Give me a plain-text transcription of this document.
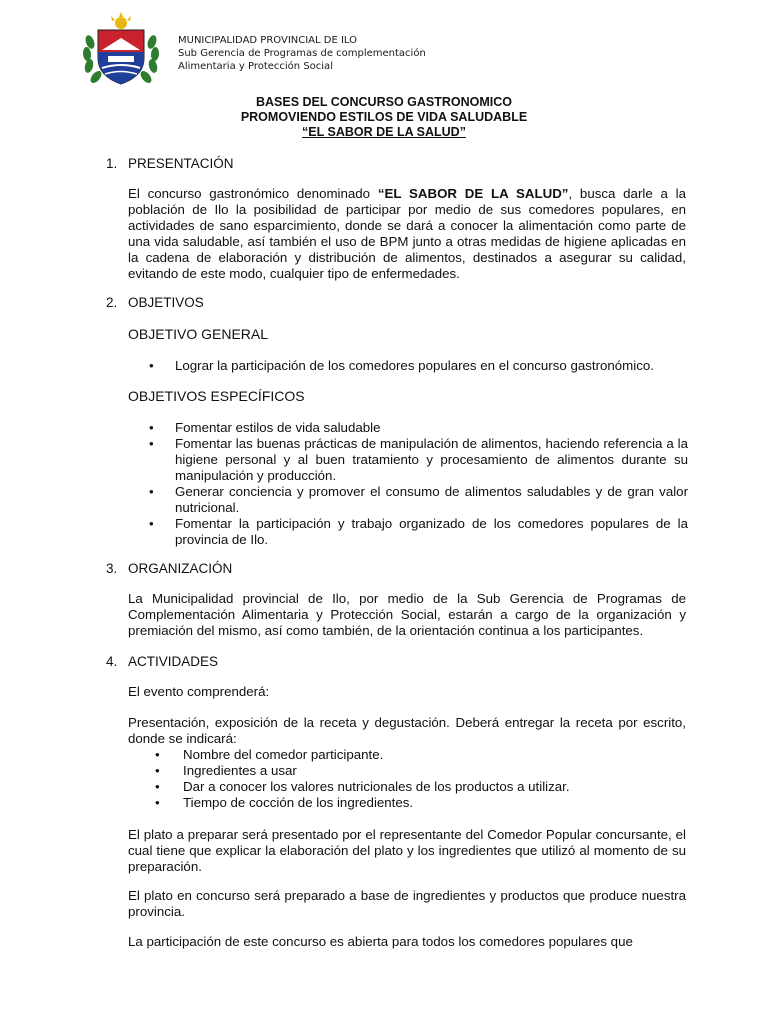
MUNICIPALIDAD PROVINCIAL DE ILO
Sub Gerencia de Programas de complementación
Alimentaria y Protección Social
BASES DEL CONCURSO GASTRONOMICO
PROMOVIENDO ESTILOS DE VIDA SALUDABLE
“EL SABOR DE LA SALUD”
1. PRESENTACIÓN
El concurso gastronómico denominado “EL SABOR DE LA SALUD”, busca darle a la población de Ilo la posibilidad de participar por medio de sus comedores populares, en actividades de sano esparcimiento, donde se dará a conocer la alimentación como parte de una vida saludable, así también el uso de BPM junto a otras medidas de higiene aplicadas en la cadena de elaboración y distribución de alimentos, destinados a asegurar su calidad, evitando de este modo, cualquier tipo de enfermedades.
2. OBJETIVOS
OBJETIVO GENERAL
• Lograr la participación de los comedores populares en el concurso gastronómico.
OBJETIVOS ESPECÍFICOS
• Fomentar estilos de vida saludable
• Fomentar las buenas prácticas de manipulación de alimentos, haciendo referencia a la higiene personal y al buen tratamiento y procesamiento de alimentos durante su manipulación y producción.
• Generar conciencia y promover el consumo de alimentos saludables y de gran valor nutricional.
• Fomentar la participación y trabajo organizado de los comedores populares de la provincia de Ilo.
3. ORGANIZACIÓN
La Municipalidad provincial de Ilo, por medio de la Sub Gerencia de Programas de Complementación Alimentaria y Protección Social, estarán a cargo de la organización y premiación del mismo, así como también, de la orientación continua a los participantes.
4. ACTIVIDADES
El evento comprenderá:
Presentación, exposición de la receta y degustación. Deberá entregar la receta por escrito, donde se indicará:
• Nombre del comedor participante.
• Ingredientes a usar
• Dar a conocer los valores nutricionales de los productos a utilizar.
• Tiempo de cocción de los ingredientes.
El plato a preparar será presentado por el representante del Comedor Popular concursante, el cual tiene que explicar la elaboración del plato y los ingredientes que utilizó al momento de su preparación.
El plato en concurso será preparado a base de ingredientes y productos que produce nuestra provincia.
La participación de este concurso es abierta para todos los comedores populares que
